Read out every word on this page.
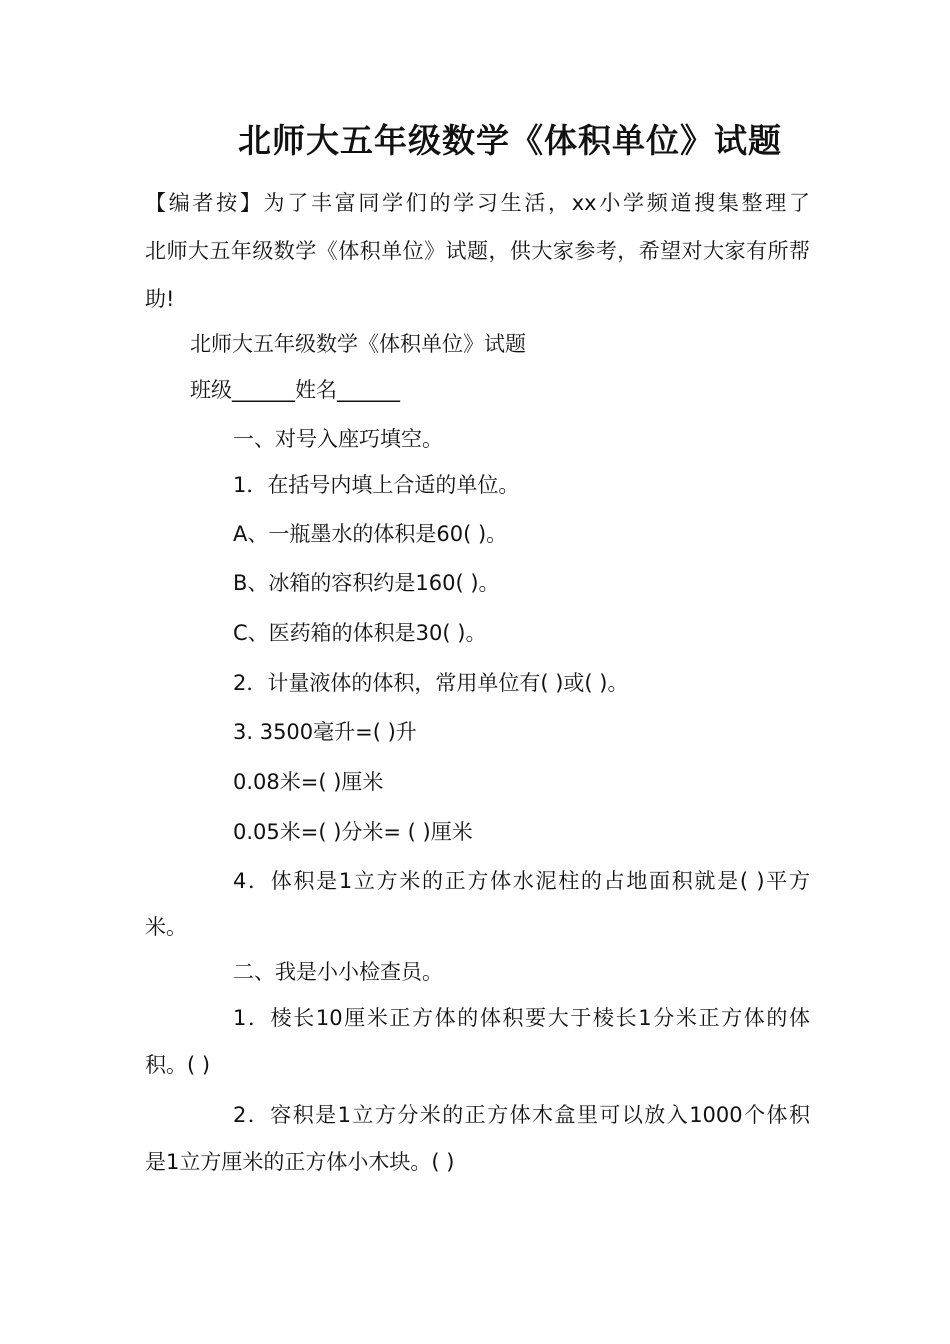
北师大五年级数学《体积单位》试题

【编者按】为了丰富同学们的学习生活，xx小学频道搜集整理了

北师大五年级数学《体积单位》试题，供大家参考，希望对大家有所帮

助!

北师大五年级数学《体积单位》试题

班级______姓名______

一、对号入座巧填空。

1．在括号内填上合适的单位。

A、一瓶墨水的体积是60( )。

B、冰箱的容积约是160( )。

C、医药箱的体积是30( )。

2．计量液体的体积，常用单位有( )或( )。

3. 3500毫升=( )升

0.08米=( )厘米

0.05米=( )分米= ( )厘米

4．体积是1立方米的正方体水泥柱的占地面积就是( )平方

米。

二、我是小小检查员。

1．棱长10厘米正方体的体积要大于棱长1分米正方体的体

积。( )

2．容积是1立方分米的正方体木盒里可以放入1000个体积

是1立方厘米的正方体小木块。( )
